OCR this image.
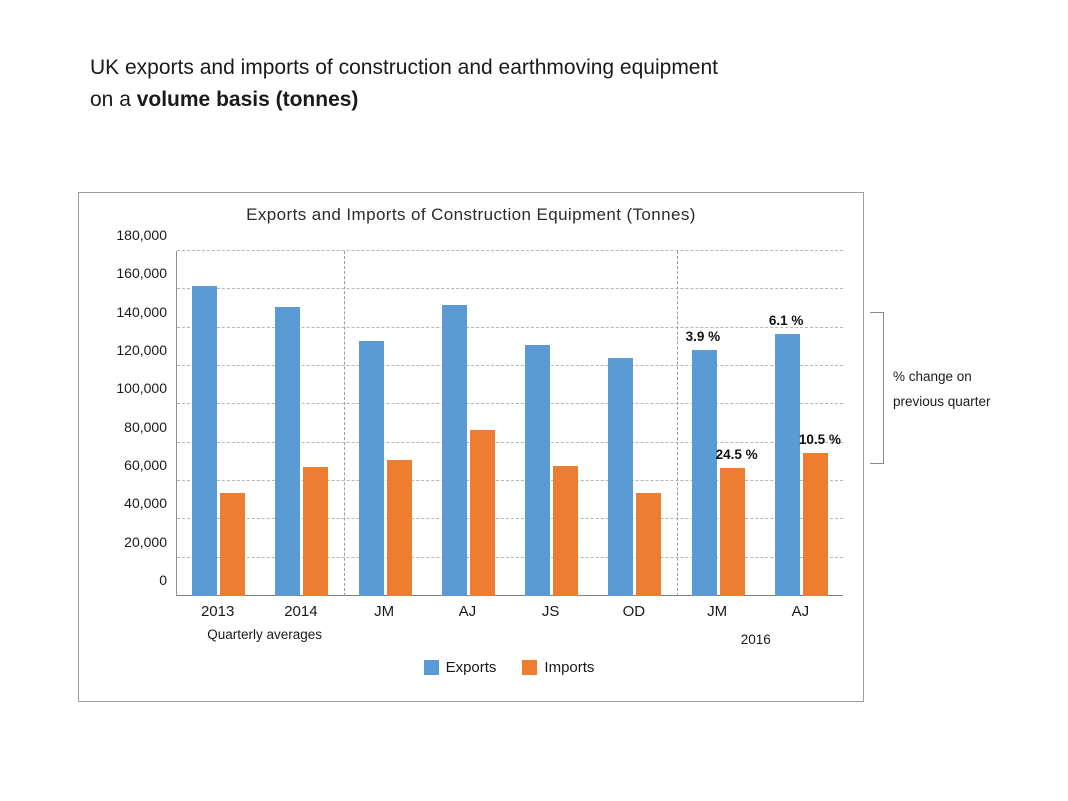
UK exports and imports of construction and earthmoving equipment
on a volume basis (tonnes)
Exports and Imports of Construction Equipment (Tonnes)
0
20,000
40,000
60,000
80,000
100,000
120,000
140,000
160,000
180,000
3.9 %
24.5 %
6.1 %
10.5 %
Exports	Imports
2013	2014	JM	AJ	JS	OD	JM	AJ
Quarterly averages	2016
% change on
previous quarter
